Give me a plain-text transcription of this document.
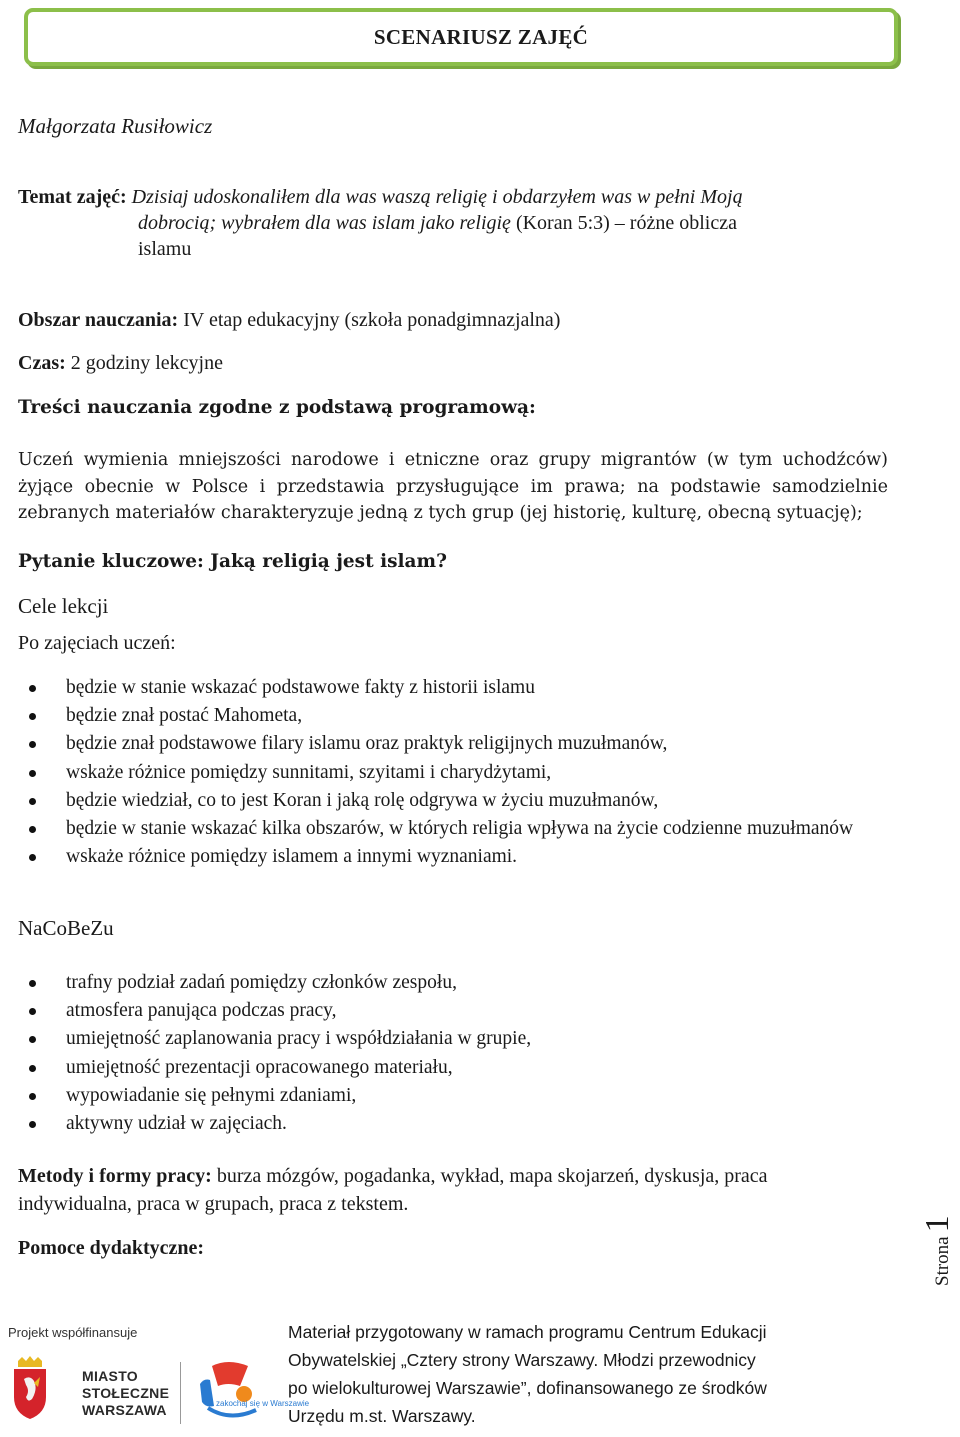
SCENARIUSZ ZAJĘĆ
Małgorzata Rusiłowicz
Temat zajęć: Dzisiaj udoskonaliłem dla was waszą religię i obdarzyłem was w pełni Moją
dobrocią; wybrałem dla was islam jako religię (Koran 5:3) – różne oblicza
islamu
Obszar nauczania: IV etap edukacyjny (szkoła ponadgimnazjalna)
Czas: 2 godziny lekcyjne
Treści nauczania zgodne z podstawą programową:
Uczeń wymienia mniejszości narodowe i etniczne oraz grupy migrantów (w tym uchodźców) żyjące obecnie w Polsce i przedstawia przysługujące im prawa; na podstawie samodzielnie zebranych materiałów charakteryzuje jedną z tych grup (jej historię, kulturę, obecną sytuację);
Pytanie kluczowe: Jaką religią jest islam?
Cele lekcji
Po zajęciach uczeń:
będzie w stanie wskazać podstawowe fakty z historii islamu
będzie znał postać Mahometa,
będzie znał podstawowe filary islamu oraz praktyk religijnych muzułmanów,
wskaże różnice pomiędzy sunnitami, szyitami i charydżytami,
będzie wiedział, co to jest Koran i jaką rolę odgrywa w życiu muzułmanów,
będzie w stanie wskazać kilka obszarów, w których religia wpływa na życie codzienne muzułmanów
wskaże różnice pomiędzy islamem a innymi wyznaniami.
NaCoBeZu
trafny podział zadań pomiędzy członków zespołu,
atmosfera panująca podczas pracy,
umiejętność zaplanowania pracy i współdziałania w grupie,
umiejętność prezentacji opracowanego materiału,
wypowiadanie się pełnymi zdaniami,
aktywny udział w zajęciach.
Metody i formy pracy: burza mózgów, pogadanka, wykład, mapa skojarzeń, dyskusja, praca
indywidualna, praca w grupach, praca z tekstem.
Pomoce dydaktyczne:	Strona 1
Projekt współfinansuje
MIASTO
STOŁECZNE
WARSZAWA	zakochaj się w Warszawie
Materiał przygotowany w ramach programu Centrum Edukacji
Obywatelskiej „Cztery strony Warszawy. Młodzi przewodnicy
po wielokulturowej Warszawie”, dofinansowanego ze środków
Urzędu m.st. Warszawy.
